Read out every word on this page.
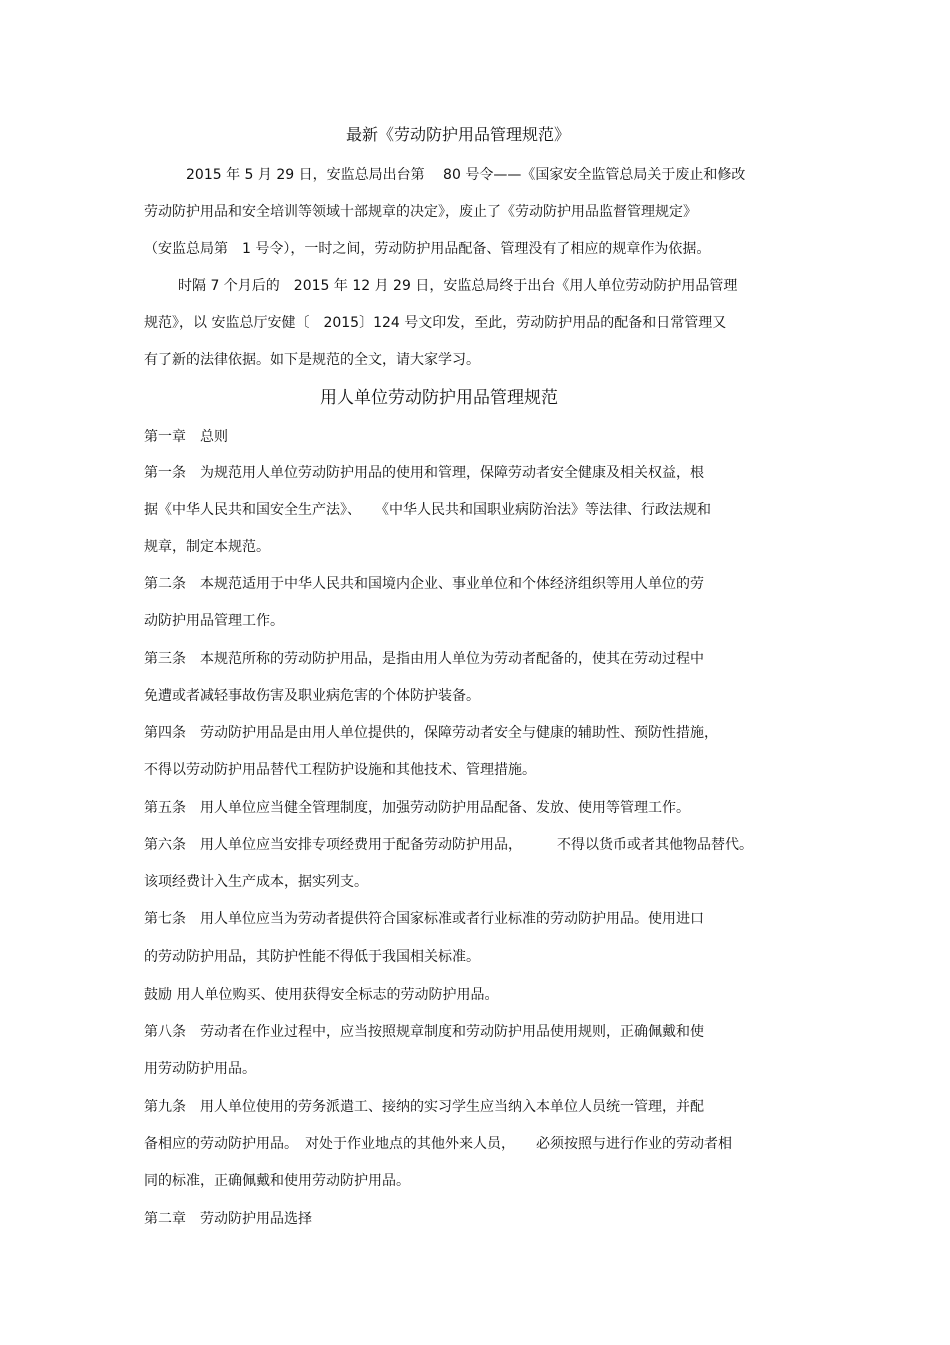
最新《劳动防护用品管理规范》
2015 年 5 月 29 日，安监总局出台第　 80 号令——《国家安全监管总局关于废止和修改
劳动防护用品和安全培训等领域十部规章的决定》，废止了《劳动防护用品监督管理规定》
（安监总局第　1 号令），一时之间，劳动防护用品配备、管理没有了相应的规章作为依据。
时隔 7 个月后的　2015 年 12 月 29 日，安监总局终于出台《用人单位劳动防护用品管理
规范》，以 安监总厅安健〔　2015〕124 号文印发，至此，劳动防护用品的配备和日常管理又
有了新的法律依据。如下是规范的全文，请大家学习。
用人单位劳动防护用品管理规范
第一章　总则
第一条　为规范用人单位劳动防护用品的使用和管理，保障劳动者安全健康及相关权益，根
据《中华人民共和国安全生产法》、　　《中华人民共和国职业病防治法》等法律、行政法规和
规章，制定本规范。
第二条　本规范适用于中华人民共和国境内企业、事业单位和个体经济组织等用人单位的劳
动防护用品管理工作。
第三条　本规范所称的劳动防护用品，是指由用人单位为劳动者配备的，使其在劳动过程中
免遭或者减轻事故伤害及职业病危害的个体防护装备。
第四条　劳动防护用品是由用人单位提供的，保障劳动者安全与健康的辅助性、预防性措施，
不得以劳动防护用品替代工程防护设施和其他技术、管理措施。
第五条　用人单位应当健全管理制度，加强劳动防护用品配备、发放、使用等管理工作。
第六条　用人单位应当安排专项经费用于配备劳动防护用品，　　　不得以货币或者其他物品替代。
该项经费计入生产成本，据实列支。
第七条　用人单位应当为劳动者提供符合国家标准或者行业标准的劳动防护用品。使用进口
的劳动防护用品，其防护性能不得低于我国相关标准。
鼓励 用人单位购买、使用获得安全标志的劳动防护用品。
第八条　劳动者在作业过程中，应当按照规章制度和劳动防护用品使用规则，正确佩戴和使
用劳动防护用品。
第九条　用人单位使用的劳务派遣工、接纳的实习学生应当纳入本单位人员统一管理，并配
备相应的劳动防护用品。　对处于作业地点的其他外来人员，　　必须按照与进行作业的劳动者相
同的标准，正确佩戴和使用劳动防护用品。
第二章　劳动防护用品选择
